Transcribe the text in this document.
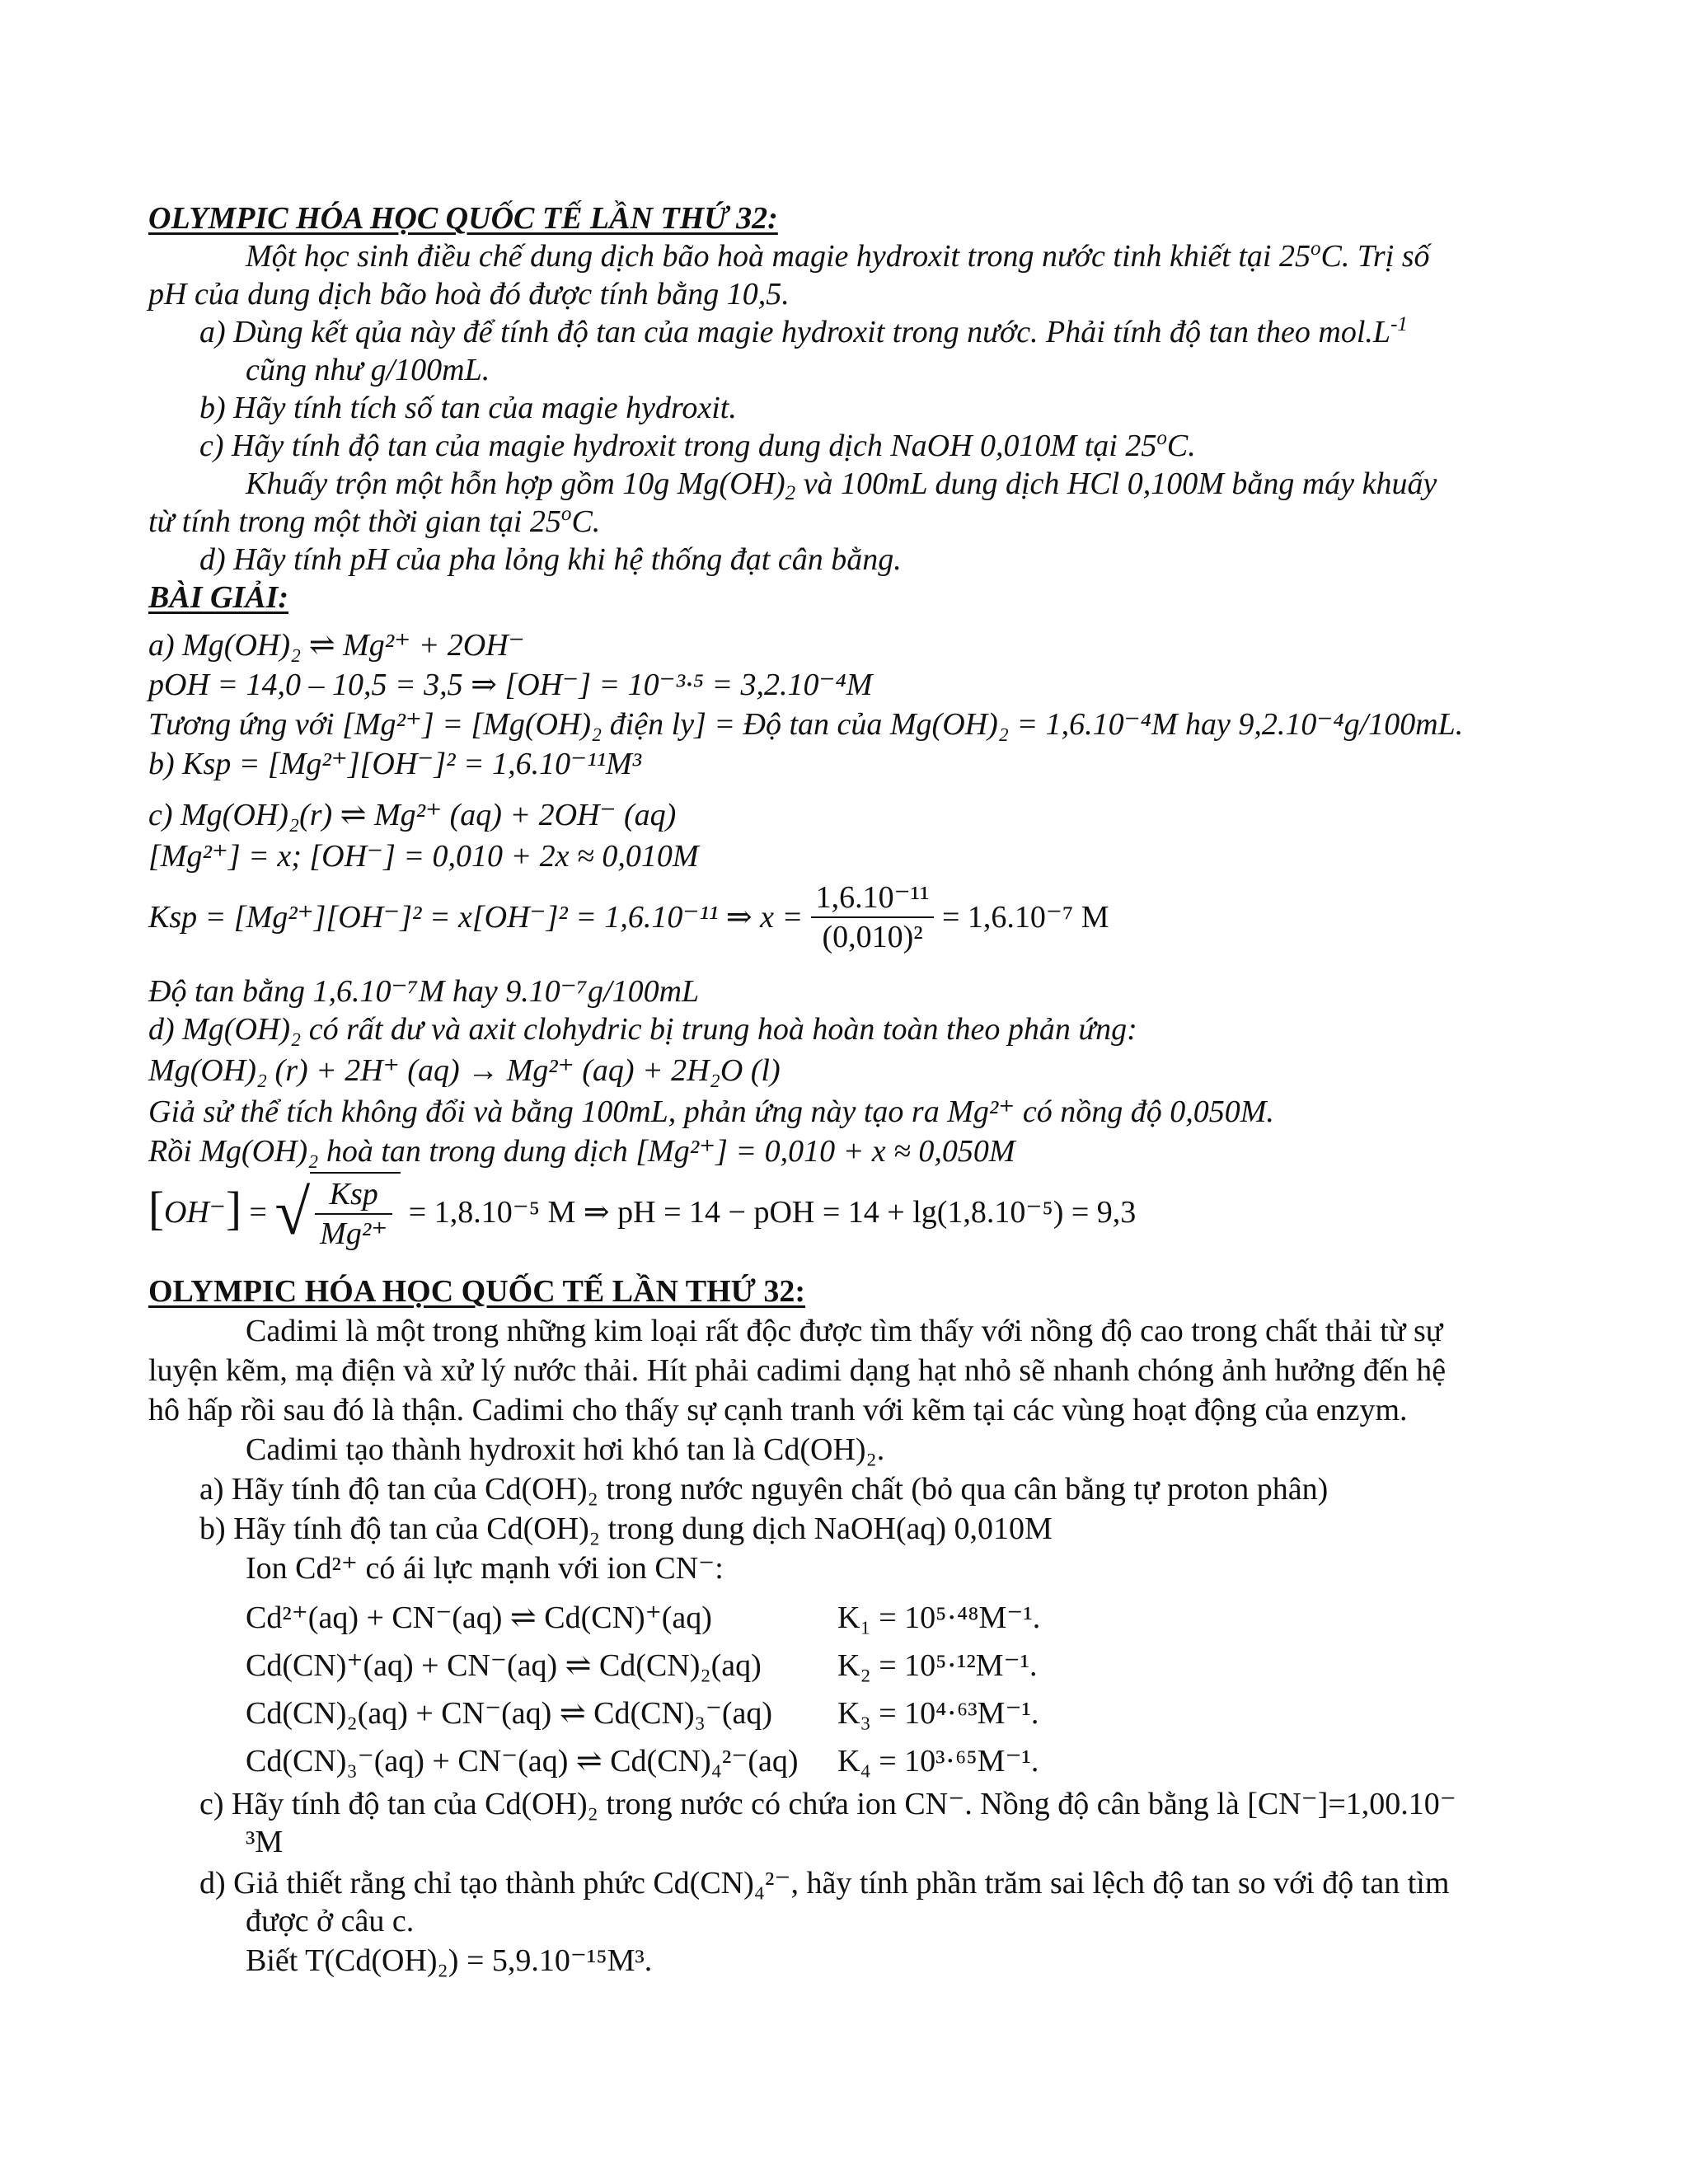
OLYMPIC HÓA HỌC QUỐC TẾ LẦN THỨ 32:
Một học sinh điều chế dung dịch bão hoà magie hydroxit trong nước tinh khiết tại 25$^o$C. Trị số
pH của dung dịch bão hoà đó được tính bằng 10,5.
a) Dùng kết qủa này để tính độ tan của magie hydroxit trong nước. Phải tính độ tan theo $mol.L^{-1}$
cũng như g/100mL.
b) Hãy tính tích số tan của magie hydroxit.
c) Hãy tính độ tan của magie hydroxit trong dung dịch NaOH 0,010M tại 25$^o$C.
Khuấy trộn một hỗn hợp gồm 10g $Mg(OH)_2$ và 100mL dung dịch HCl 0,100M bằng máy khuấy
từ tính trong một thời gian tại 25$^o$C.
d) Hãy tính pH của pha lỏng khi hệ thống đạt cân bằng.
BÀI GIẢI:
a) Mg(OH)₂ ⇌ Mg²⁺ + 2OH⁻
pOH = 14,0 – 10,5 = 3,5 ⇒ [OH⁻] = 10⁻³·⁵ = 3,2.10⁻⁴M
Tương ứng với [Mg²⁺] = [Mg(OH)₂ điện ly] = Độ tan của Mg(OH)₂ = 1,6.10⁻⁴M hay 9,2.10⁻⁴g/100mL.
b) Ksp = [Mg²⁺][OH⁻]² = 1,6.10⁻¹¹M³
c) Mg(OH)₂(r) ⇌ Mg²⁺ (aq) + 2OH⁻ (aq)
[Mg²⁺] = x; [OH⁻] = 0,010 + 2x ≈ 0,010M
Ksp = [Mg²⁺][OH⁻]² = x[OH⁻]² = 1,6.10⁻¹¹ ⇒ $x = \frac{\text{1,6.10⁻¹¹}}{\text{(0,010)²}} = 1,6.10^{-7}$ M
Độ tan bằng 1,6.10⁻⁷M hay 9.10⁻⁷g/100mL
d) Mg(OH)₂ có rất dư và axit clohydric bị trung hoà hoàn toàn theo phản ứng:
Mg(OH)₂ (r) + 2H⁺ (aq) → Mg²⁺ (aq) + 2H₂O (l)
Giả sử thể tích không đổi và bằng 100mL, phản ứng này tạo ra Mg²⁺ có nồng độ 0,050M.
Rồi Mg(OH)₂ hoà tan trong dung dịch [Mg²⁺] = 0,010 + x ≈ 0,050M
[OH⁻] = √ $\frac{\text{Ksp}}{\text{Mg²⁺}} = 1,8.10^{-5}$ M ⇒ pH = 14 − pOH = 14 + lg(1,8.10⁻⁵) = 9,3
OLYMPIC HÓA HỌC QUỐC TẾ LẦN THỨ 32:
Cadimi là một trong những kim loại rất độc được tìm thấy với nồng độ cao trong chất thải từ sự
luyện kẽm, mạ điện và xử lý nước thải. Hít phải cadimi dạng hạt nhỏ sẽ nhanh chóng ảnh hưởng đến hệ
hô hấp rồi sau đó là thận. Cadimi cho thấy sự cạnh tranh với kẽm tại các vùng hoạt động của enzym.
Cadimi tạo thành hydroxit hơi khó tan là Cd(OH)₂.
a) Hãy tính độ tan của Cd(OH)₂ trong nước nguyên chất (bỏ qua cân bằng tự proton phân)
b) Hãy tính độ tan của Cd(OH)₂ trong dung dịch NaOH(aq) 0,010M
Ion Cd²⁺ có ái lực mạnh với ion CN⁻:
Cd²⁺(aq) + CN⁻(aq) ⇌ Cd(CN)⁺(aq)	K₁ = 10⁵·⁴⁸M⁻¹.
Cd(CN)⁺(aq) + CN⁻(aq) ⇌ Cd(CN)₂(aq) K₂ = 10⁵·¹²M⁻¹.
Cd(CN)₂(aq) + CN⁻(aq) ⇌ Cd(CN)₃⁻(aq) K₃ = 10⁴·⁶³M⁻¹.
Cd(CN)₃⁻(aq) + CN⁻(aq) ⇌ Cd(CN)₄²⁻(aq) K₄ = 10³·⁶⁵M⁻¹.
c) Hãy tính độ tan của Cd(OH)₂ trong nước có chứa ion CN⁻. Nồng độ cân bằng là [CN⁻]=1,00.10⁻
³M
d) Giả thiết rằng chỉ tạo thành phức Cd(CN)₄²⁻, hãy tính phần trăm sai lệch độ tan so với độ tan tìm
được ở câu c.
Biết T(Cd(OH)₂) = 5,9.10⁻¹⁵M³.
